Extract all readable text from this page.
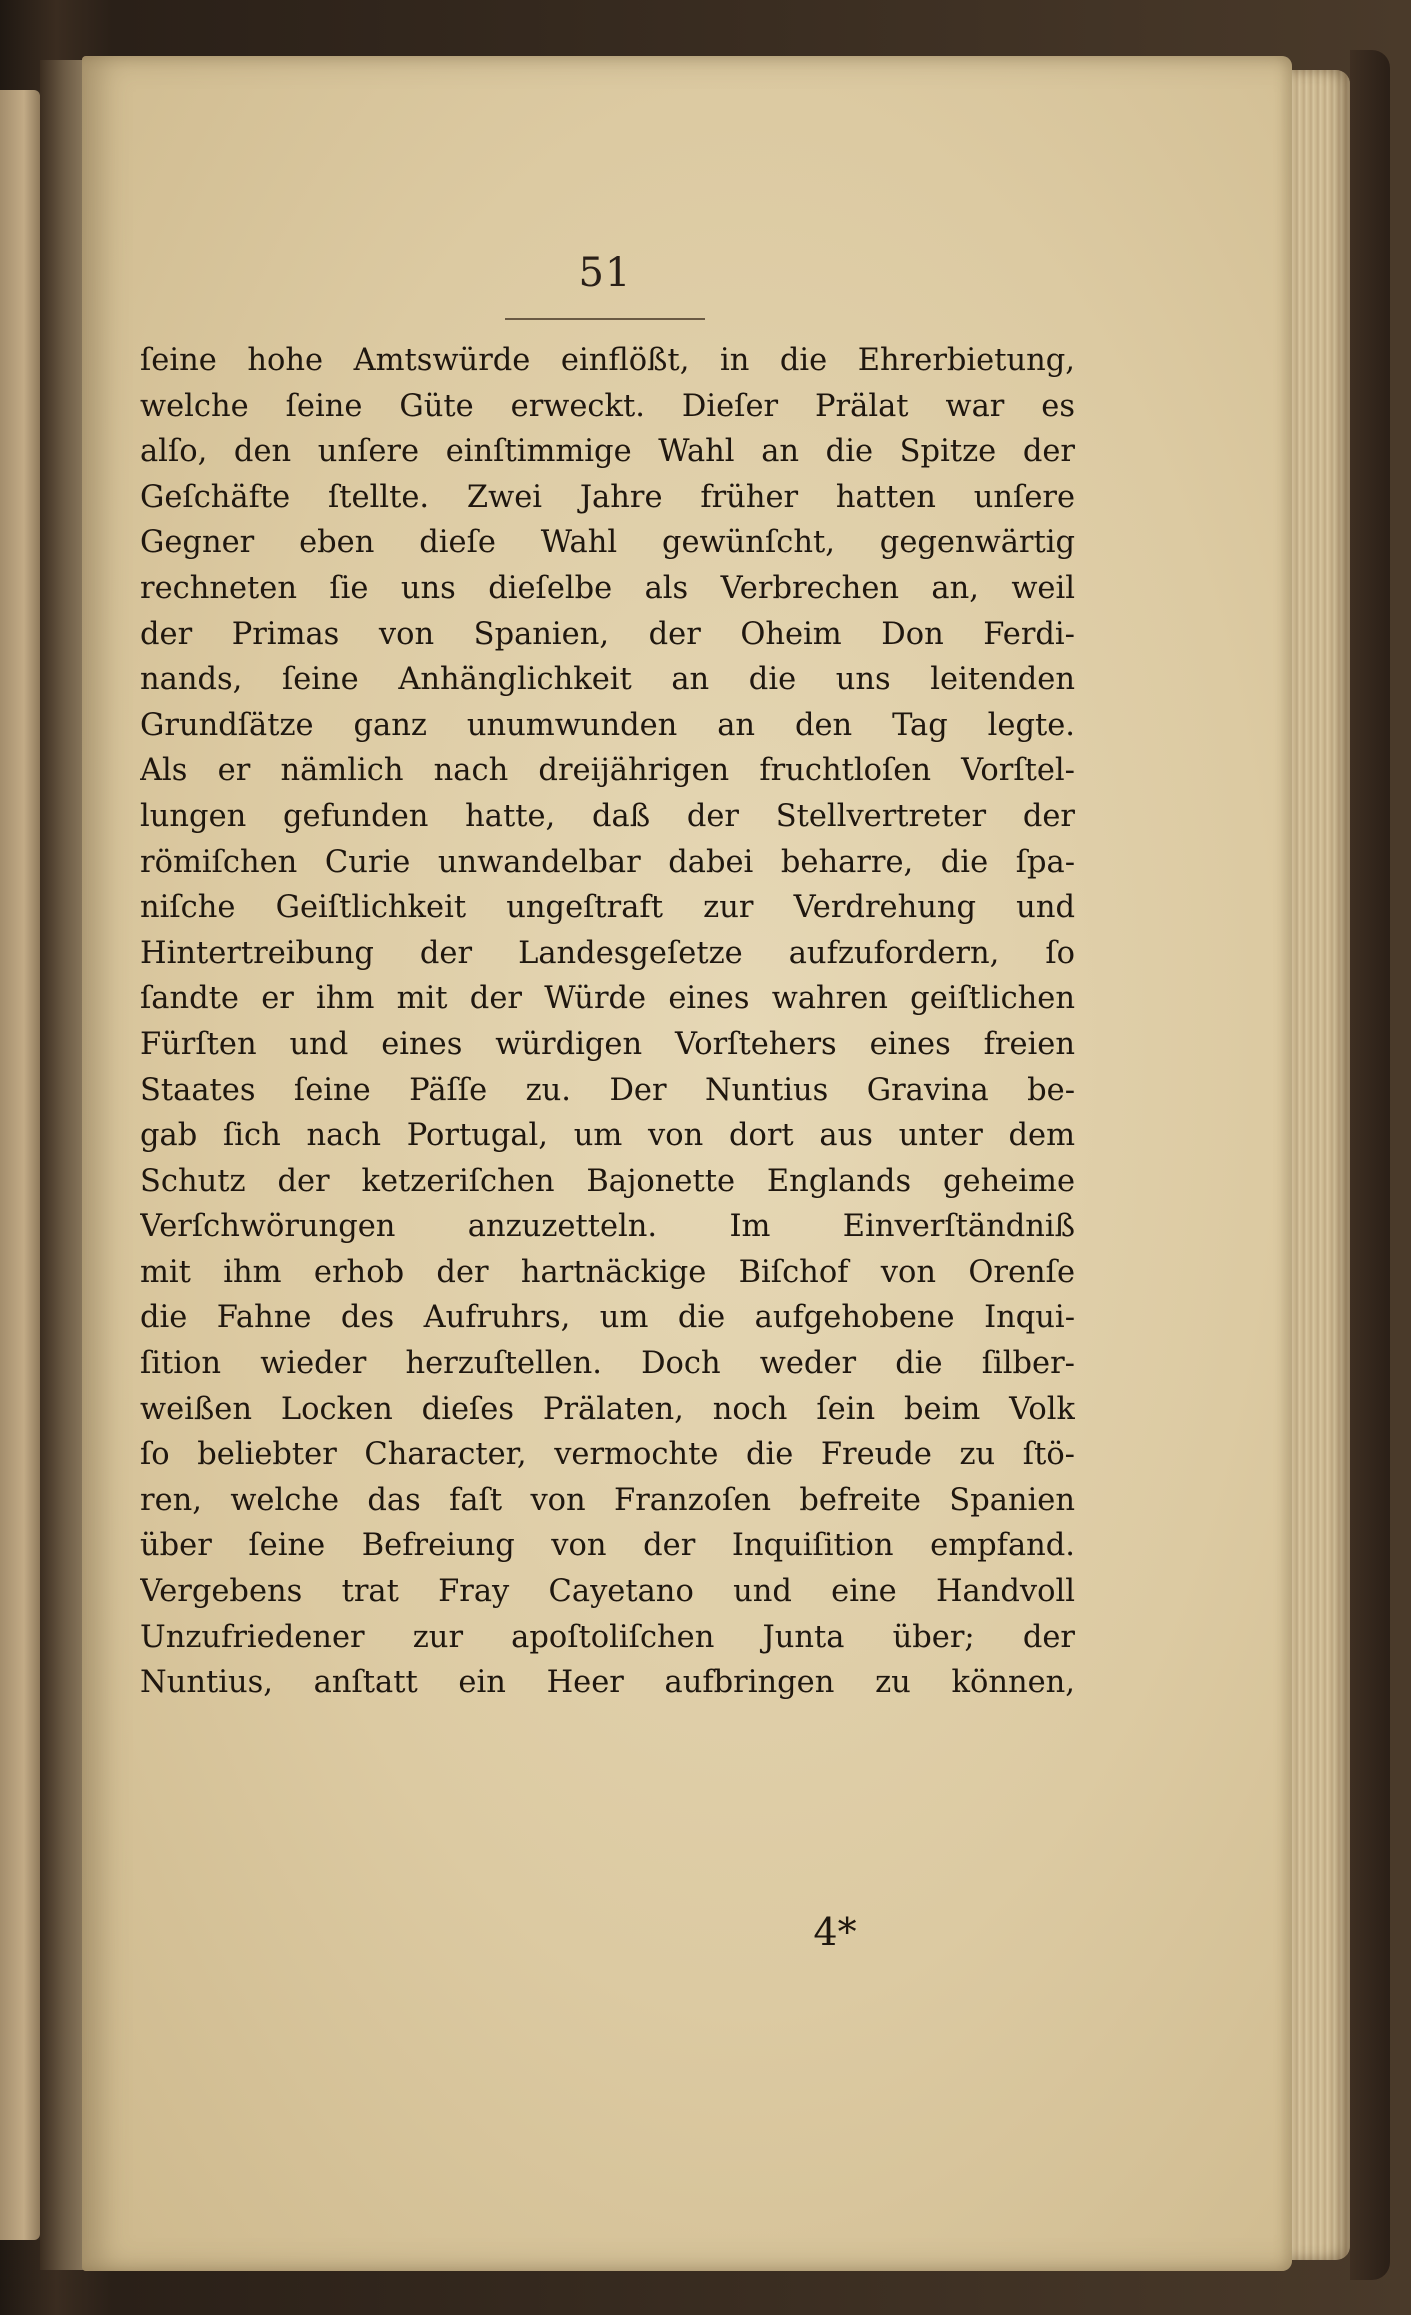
51
ſeine hohe Amtswürde einflößt, in die Ehrerbietung,
welche ſeine Güte erweckt. Dieſer Prälat war es
alſo, den unſere einſtimmige Wahl an die Spitze der
Geſchäfte ſtellte. Zwei Jahre früher hatten unſere
Gegner eben dieſe Wahl gewünſcht, gegenwärtig
rechneten ſie uns dieſelbe als Verbrechen an, weil
der Primas von Spanien, der Oheim Don Ferdi-
nands, ſeine Anhänglichkeit an die uns leitenden
Grundſätze ganz unumwunden an den Tag legte.
Als er nämlich nach dreijährigen fruchtloſen Vorſtel-
lungen gefunden hatte, daß der Stellvertreter der
römiſchen Curie unwandelbar dabei beharre, die ſpa-
niſche Geiſtlichkeit ungeſtraft zur Verdrehung und
Hintertreibung der Landesgeſetze aufzufordern, ſo
ſandte er ihm mit der Würde eines wahren geiſtlichen
Fürſten und eines würdigen Vorſtehers eines freien
Staates ſeine Päſſe zu. Der Nuntius Gravina be-
gab ſich nach Portugal, um von dort aus unter dem
Schutz der ketzeriſchen Bajonette Englands geheime
Verſchwörungen anzuzetteln. Im Einverſtändniß
mit ihm erhob der hartnäckige Biſchof von Orenſe
die Fahne des Aufruhrs, um die aufgehobene Inqui-
ſition wieder herzuſtellen. Doch weder die ſilber-
weißen Locken dieſes Prälaten, noch ſein beim Volk
ſo beliebter Character, vermochte die Freude zu ſtö-
ren, welche das faſt von Franzoſen befreite Spanien
über ſeine Befreiung von der Inquiſition empfand.
Vergebens trat Fray Cayetano und eine Handvoll
Unzufriedener zur apoſtoliſchen Junta über; der
Nuntius, anſtatt ein Heer aufbringen zu können,
4*
